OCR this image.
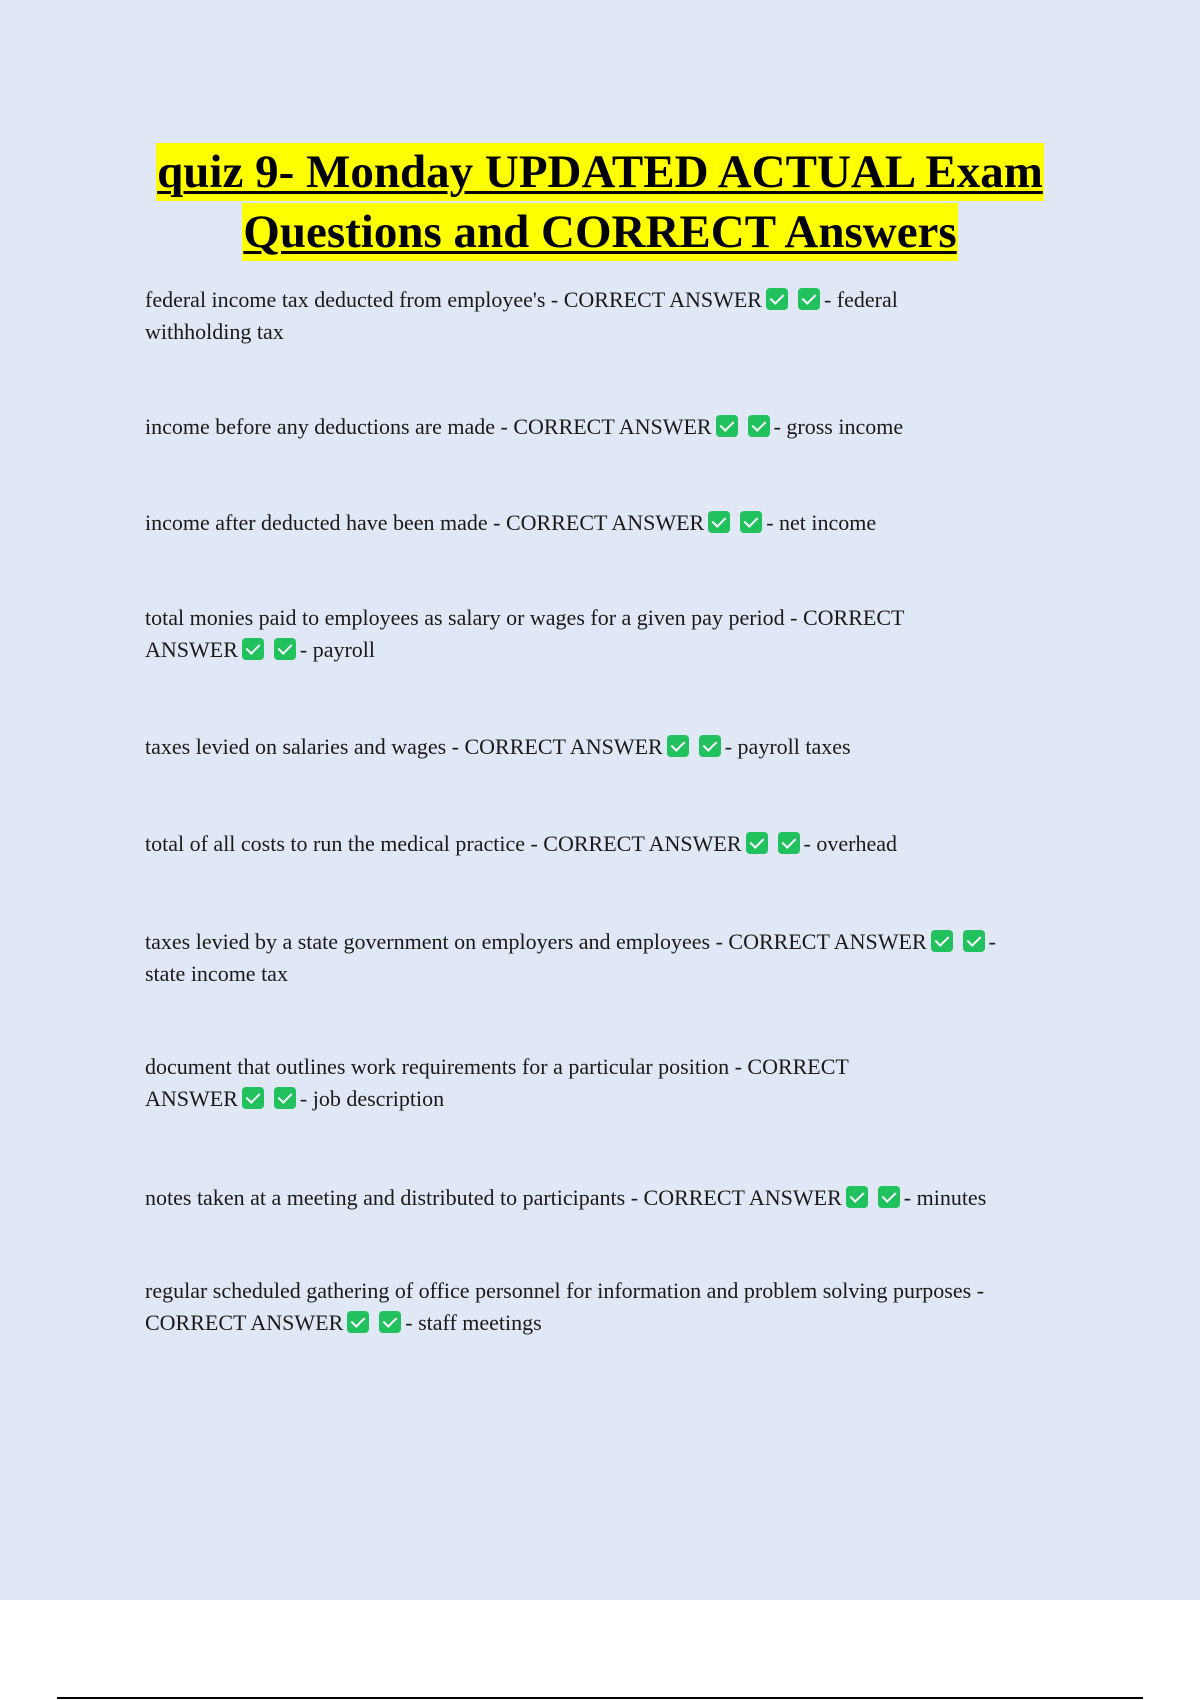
quiz 9- Monday UPDATED ACTUAL Exam
Questions and CORRECT Answers
federal income tax deducted from employee's - CORRECT ANSWER	- federal
withholding tax
income before any deductions are made - CORRECT ANSWER	- gross income
income after deducted have been made - CORRECT ANSWER	- net income
total monies paid to employees as salary or wages for a given pay period - CORRECT
ANSWER	- payroll
taxes levied on salaries and wages - CORRECT ANSWER	- payroll taxes
total of all costs to run the medical practice - CORRECT ANSWER	- overhead
taxes levied by a state government on employers and employees - CORRECT ANSWER	-
state income tax
document that outlines work requirements for a particular position - CORRECT
ANSWER	- job description
notes taken at a meeting and distributed to participants - CORRECT ANSWER	- minutes
regular scheduled gathering of office personnel for information and problem solving purposes -
CORRECT ANSWER	- staff meetings
